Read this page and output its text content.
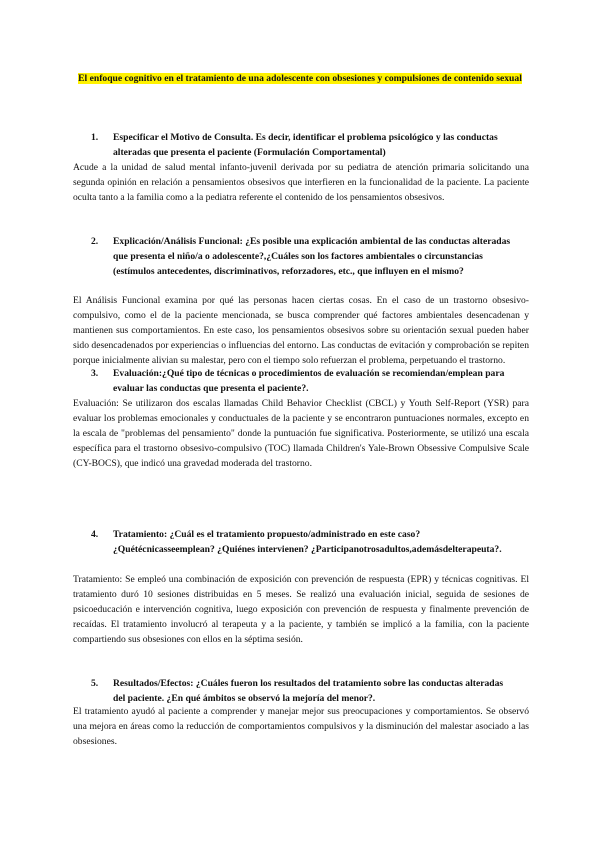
El enfoque cognitivo en el tratamiento de una adolescente con obsesiones y compulsiones de contenido sexual
1. Especificar el Motivo de Consulta. Es decir, identificar el problema psicológico y las conductas alteradas que presenta el paciente (Formulación Comportamental)
Acude a la unidad de salud mental infanto-juvenil derivada por su pediatra de atención primaria solicitando una segunda opinión en relación a pensamientos obsesivos que interfieren en la funcionalidad de la paciente. La paciente oculta tanto a la familia como a la pediatra referente el contenido de los pensamientos obsesivos.
2. Explicación/Análisis Funcional: ¿Es posible una explicación ambiental de las conductas alteradas que presenta el niño/a o adolescente?,¿Cuáles son los factores ambientales o circunstancias (estímulos antecedentes, discriminativos, reforzadores, etc., que influyen en el mismo?
El Análisis Funcional examina por qué las personas hacen ciertas cosas. En el caso de un trastorno obsesivo-compulsivo, como el de la paciente mencionada, se busca comprender qué factores ambientales desencadenan y mantienen sus comportamientos. En este caso, los pensamientos obsesivos sobre su orientación sexual pueden haber sido desencadenados por experiencias o influencias del entorno. Las conductas de evitación y comprobación se repiten porque inicialmente alivian su malestar, pero con el tiempo solo refuerzan el problema, perpetuando el trastorno.
3. Evaluación:¿Qué tipo de técnicas o procedimientos de evaluación se recomiendan/emplean para evaluar las conductas que presenta el paciente?.
Evaluación: Se utilizaron dos escalas llamadas Child Behavior Checklist (CBCL) y Youth Self-Report (YSR) para evaluar los problemas emocionales y conductuales de la paciente y se encontraron puntuaciones normales, excepto en la escala de "problemas del pensamiento" donde la puntuación fue significativa. Posteriormente, se utilizó una escala específica para el trastorno obsesivo-compulsivo (TOC) llamada Children's Yale-Brown Obsessive Compulsive Scale (CY-BOCS), que indicó una gravedad moderada del trastorno.
4. Tratamiento: ¿Cuál es el tratamiento propuesto/administrado en este caso? ¿Quétécnicasseemplean? ¿Quiénes intervienen? ¿Participanotrosadultos,ademásdelterapeuta?.
Tratamiento: Se empleó una combinación de exposición con prevención de respuesta (EPR) y técnicas cognitivas. El tratamiento duró 10 sesiones distribuidas en 5 meses. Se realizó una evaluación inicial, seguida de sesiones de psicoeducación e intervención cognitiva, luego exposición con prevención de respuesta y finalmente prevención de recaídas. El tratamiento involucró al terapeuta y a la paciente, y también se implicó a la familia, con la paciente compartiendo sus obsesiones con ellos en la séptima sesión.
5. Resultados/Efectos: ¿Cuáles fueron los resultados del tratamiento sobre las conductas alteradas del paciente. ¿En qué ámbitos se observó la mejoría del menor?.
El tratamiento ayudó al paciente a comprender y manejar mejor sus preocupaciones y comportamientos. Se observó una mejora en áreas como la reducción de comportamientos compulsivos y la disminución del malestar asociado a las obsesiones.
